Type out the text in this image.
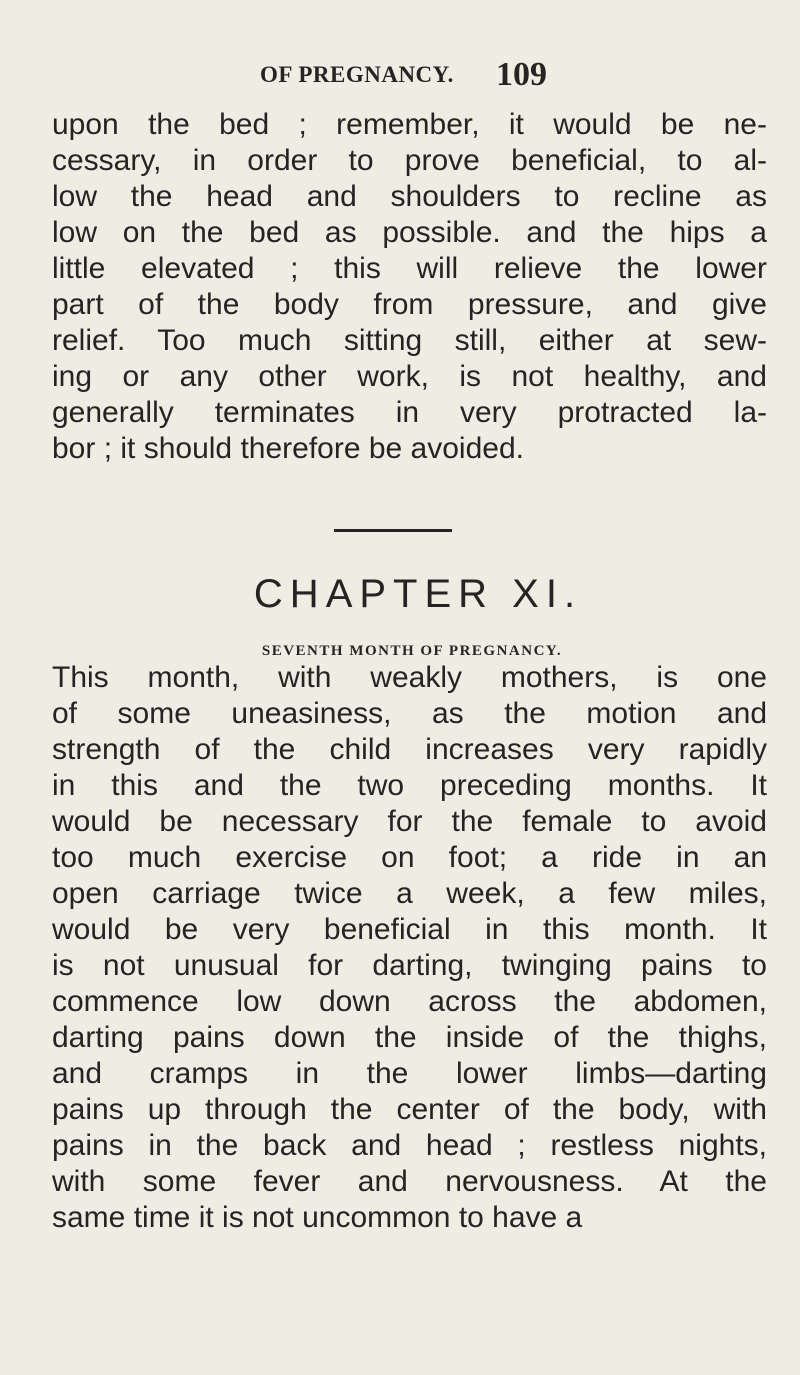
OF PREGNANCY. 109
upon the bed ; remember, it would be ne-
cessary, in order to prove beneficial, to al-
low the head and shoulders to recline as
low on the bed as possible. and the hips a
little elevated ; this will relieve the lower
part of the body from pressure, and give
relief. Too much sitting still, either at sew-
ing or any other work, is not healthy, and
generally terminates in very protracted la-
bor ; it should therefore be avoided.
CHAPTER XI.
SEVENTH MONTH OF PREGNANCY.
This month, with weakly mothers, is one
of some uneasiness, as the motion and
strength of the child increases very rapidly
in this and the two preceding months. It
would be necessary for the female to avoid
too much exercise on foot; a ride in an
open carriage twice a week, a few miles,
would be very beneficial in this month. It
is not unusual for darting, twinging pains to
commence low down across the abdomen,
darting pains down the inside of the thighs,
and cramps in the lower limbs—darting
pains up through the center of the body, with
pains in the back and head ; restless nights,
with some fever and nervousness. At the
same time it is not uncommon to have a
